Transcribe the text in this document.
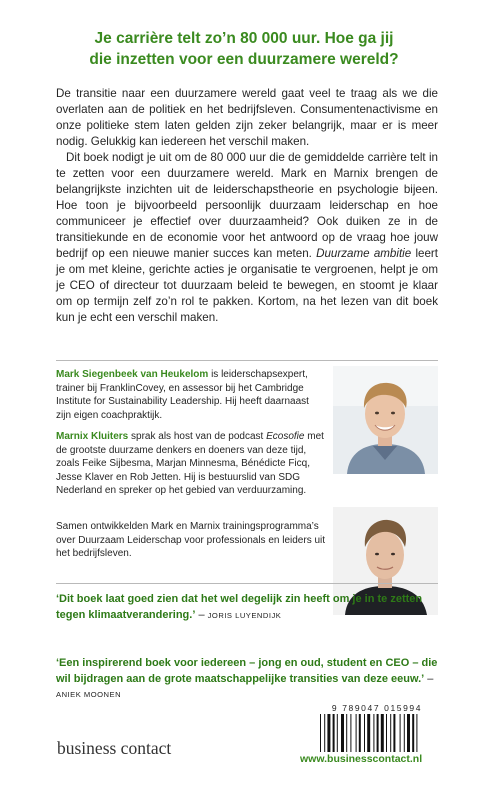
Je carrière telt zo’n 80 000 uur. Hoe ga jij
die inzetten voor een duurzamere wereld?

De transitie naar een duurzamere wereld gaat veel te traag als we die overlaten aan de politiek en het bedrijfsleven. Consumentenactivisme en onze politieke stem laten gelden zijn zeker belangrijk, maar er is meer nodig. Gelukkig kan iedereen het verschil maken.

Dit boek nodigt je uit om de 80 000 uur die de gemiddelde carrière telt in te zetten voor een duurzamere wereld. Mark en Marnix brengen de belangrijkste inzichten uit de leiderschapstheorie en psychologie bijeen. Hoe toon je bijvoorbeeld persoonlijk duurzaam leiderschap en hoe communiceer je effectief over duurzaamheid? Ook duiken ze in de transitiekunde en de economie voor het antwoord op de vraag hoe jouw bedrijf op een nieuwe manier succes kan meten. Duurzame ambitie leert je om met kleine, gerichte acties je organisatie te vergroenen, helpt je om je CEO of directeur tot duurzaam beleid te bewegen, en stoomt je klaar om op termijn zelf zo’n rol te pakken. Kortom, na het lezen van dit boek kun je echt een verschil maken.

Mark Siegenbeek van Heukelom is leiderschapsexpert, trainer bij FranklinCovey, en assessor bij het Cambridge Institute for Sustainability Leadership. Hij heeft daarnaast zijn eigen coachpraktijk.

Marnix Kluiters sprak als host van de podcast Ecosofie met de grootste duurzame denkers en doeners van deze tijd, zoals Feike Sijbesma, Marjan Minnesma, Bénédicte Ficq, Jesse Klaver en Rob Jetten. Hij is bestuurslid van SDG Nederland en spreker op het gebied van verduurzaming.

Samen ontwikkelden Mark en Marnix trainingsprogramma’s over Duurzaam Leiderschap voor professionals en leiders uit het bedrijfsleven.

‘Dit boek laat goed zien dat het wel degelijk zin heeft om je in te zetten tegen klimaatverandering.’ – JORIS LUYENDIJK

‘Een inspirerend boek voor iedereen – jong en oud, student en CEO – die wil bijdragen aan de grote maatschappelijke transities van deze eeuw.’ – ANIEK MOONEN

business contact
9 789047 015994
www.businesscontact.nl
